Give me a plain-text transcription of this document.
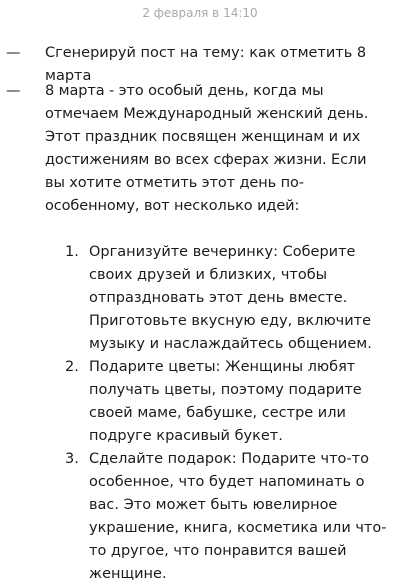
2 февраля в 14:10
—	Сгенерируй пост на тему: как отметить 8 марта
—	8 марта - это особый день, когда мы отмечаем Международный женский день. Этот праздник посвящен женщинам и их достижениям во всех сферах жизни. Если вы хотите отметить этот день по-особенному, вот несколько идей:

1. Организуйте вечеринку: Соберите своих друзей и близких, чтобы отпраздновать этот день вместе. Приготовьте вкусную еду, включите музыку и наслаждайтесь общением.
2. Подарите цветы: Женщины любят получать цветы, поэтому подарите своей маме, бабушке, сестре или подруге красивый букет.
3. Сделайте подарок: Подарите что-то особенное, что будет напоминать о вас. Это может быть ювелирное украшение, книга, косметика или что-то другое, что понравится вашей женщине.
